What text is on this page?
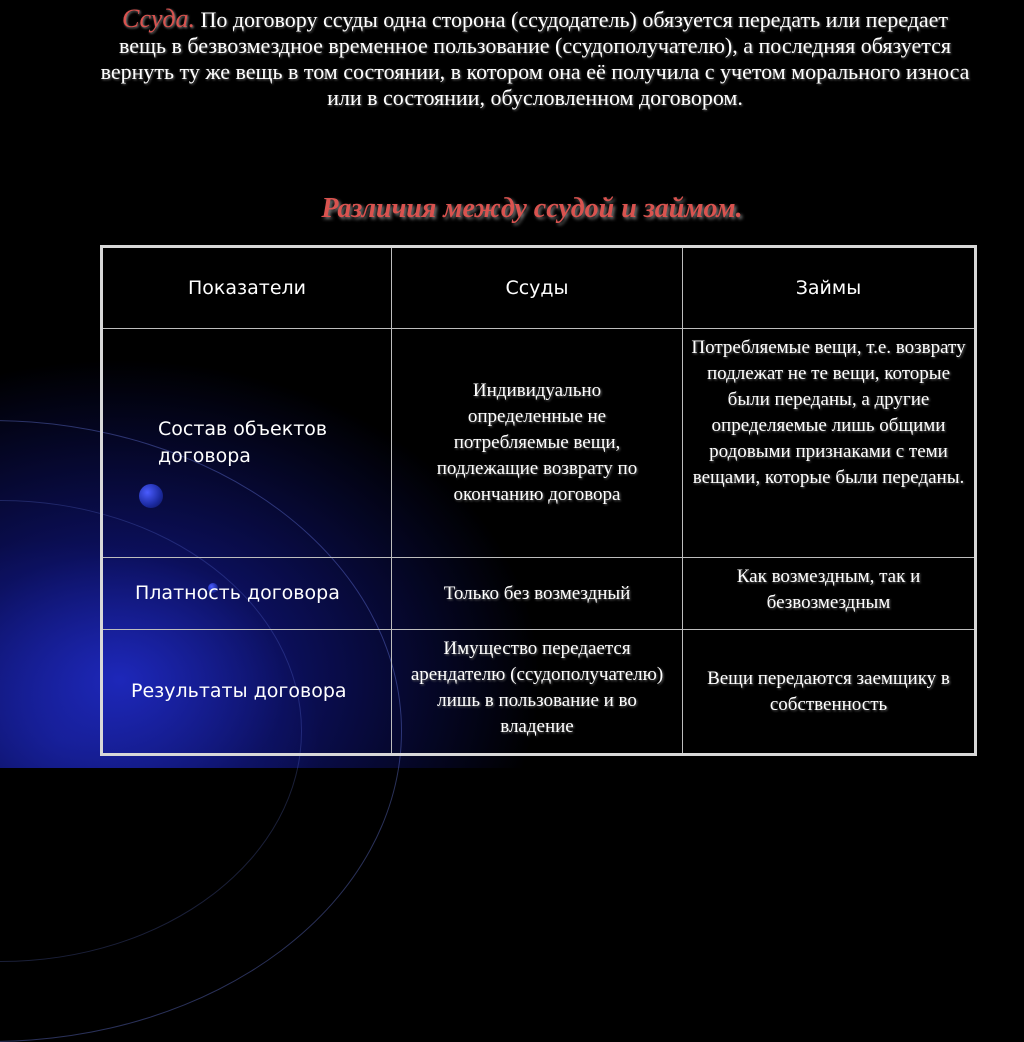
Ссуда. По договору ссуды одна сторона (ссудодатель) обязуется передать или передает вещь в безвозмездное временное пользование (ссудополучателю), а последняя обязуется вернуть ту же вещь в том состоянии, в котором она её получила с учетом морального износа или в состоянии, обусловленном договором.
Различия между ссудой и займом.
Показатели	Ссуды	Займы
Состав объектов договора	Индивидуально определенные не потребляемые вещи, подлежащие возврату по окончанию договора	Потребляемые вещи, т.е. возврату подлежат не те вещи, которые были переданы, а другие определяемые лишь общими родовыми признаками с теми вещами, которые были переданы.
Платность договора	Только без возмездный	Как возмездным, так и безвозмездным
Результаты договора	Имущество передается арендателю (ссудополучателю) лишь в пользование и во владение	Вещи передаются заемщику в собственность
